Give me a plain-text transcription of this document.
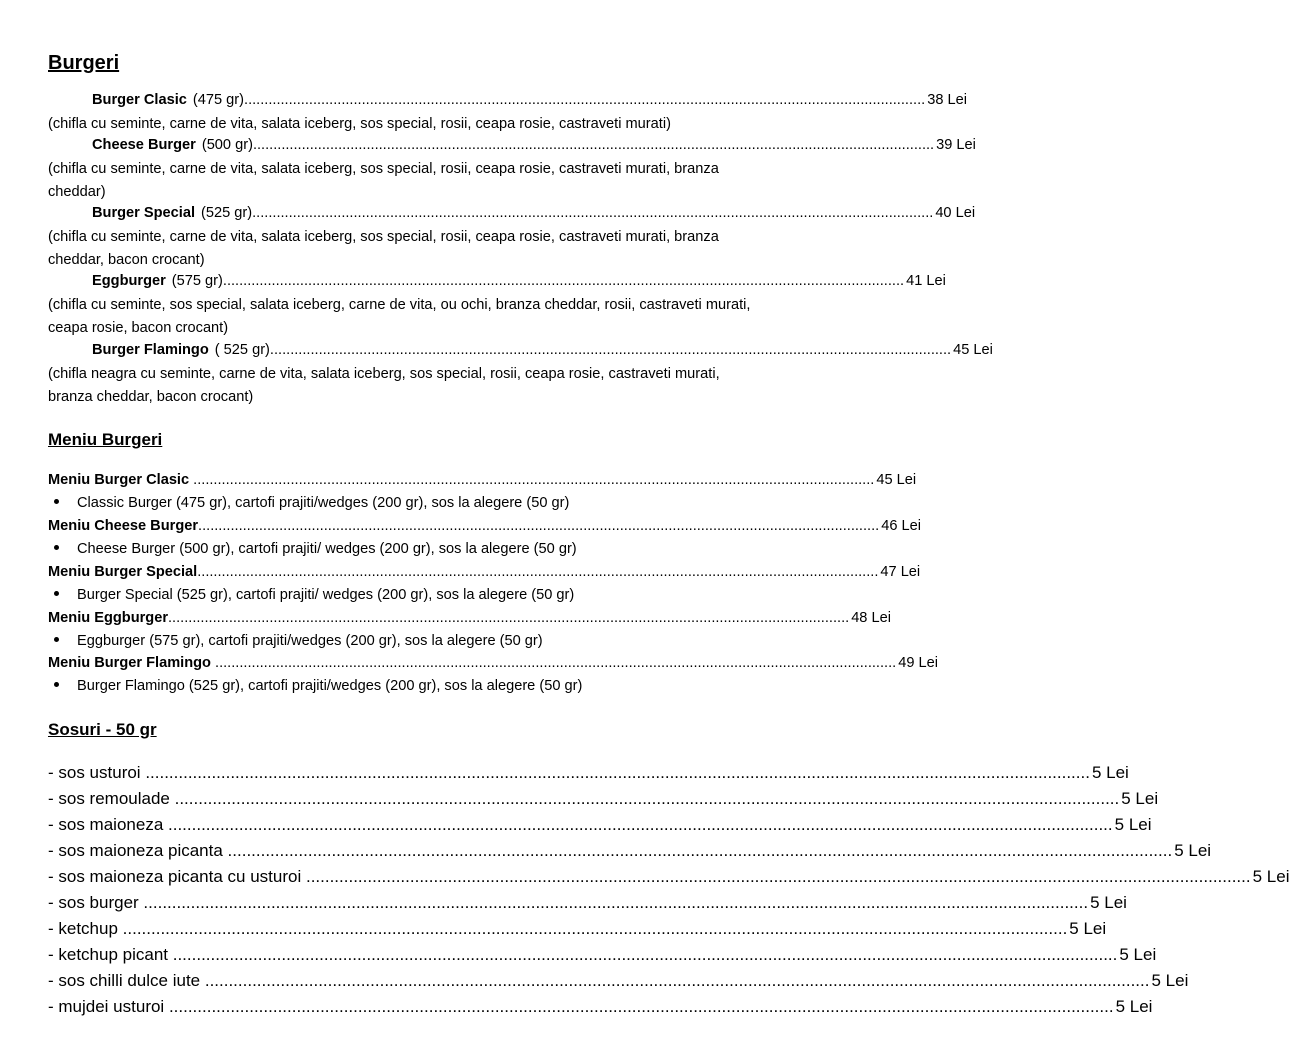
Burgeri
Burger Clasic (475 gr) ........................................................................................................................................................................ 38 Lei
(chifla cu seminte, carne de vita, salata iceberg, sos special, rosii, ceapa rosie, castraveti murati)
Cheese Burger (500 gr) ........................................................................................................................................................................ 39 Lei
(chifla cu seminte, carne de vita, salata iceberg, sos special, rosii, ceapa rosie, castraveti murati, branza cheddar)
Burger Special (525 gr) ........................................................................................................................................................................ 40 Lei
(chifla cu seminte, carne de vita, salata iceberg, sos special, rosii, ceapa rosie, castraveti murati, branza cheddar, bacon crocant)
Eggburger (575 gr) ........................................................................................................................................................................ 41 Lei
(chifla cu seminte, sos special, salata iceberg, carne de vita, ou ochi, branza cheddar, rosii, castraveti murati, ceapa rosie, bacon crocant)
Burger Flamingo ( 525 gr) ........................................................................................................................................................................ 45 Lei
(chifla neagra cu seminte, carne de vita, salata iceberg, sos special, rosii, ceapa rosie, castraveti murati, branza cheddar, bacon crocant)
Meniu Burgeri
Meniu Burger Clasic ........................................................................................................................................................................ 45 Lei
Classic Burger (475 gr), cartofi prajiti/wedges (200 gr), sos la alegere (50 gr)
Meniu Cheese Burger ........................................................................................................................................................................ 46 Lei
Cheese Burger (500 gr), cartofi prajiti/ wedges (200 gr), sos la alegere (50 gr)
Meniu Burger Special ........................................................................................................................................................................ 47 Lei
Burger Special (525 gr), cartofi prajiti/ wedges (200 gr), sos la alegere (50 gr)
Meniu Eggburger ........................................................................................................................................................................ 48 Lei
Eggburger (575 gr), cartofi prajiti/wedges (200 gr), sos la alegere (50 gr)
Meniu Burger Flamingo ........................................................................................................................................................................ 49 Lei
Burger Flamingo (525 gr), cartofi prajiti/wedges (200 gr), sos la alegere (50 gr)
Sosuri - 50 gr
- sos usturoi ........................................................................................................................................................................................................ 5 Lei
- sos remoulade ........................................................................................................................................................................................................ 5 Lei
- sos maioneza ........................................................................................................................................................................................................ 5 Lei
- sos maioneza picanta ........................................................................................................................................................................................................ 5 Lei
- sos maioneza picanta cu usturoi ........................................................................................................................................................................................................ 5 Lei
- sos burger ........................................................................................................................................................................................................ 5 Lei
- ketchup ........................................................................................................................................................................................................ 5 Lei
- ketchup picant ........................................................................................................................................................................................................ 5 Lei
- sos chilli dulce iute ........................................................................................................................................................................................................ 5 Lei
- mujdei usturoi ........................................................................................................................................................................................................ 5 Lei
